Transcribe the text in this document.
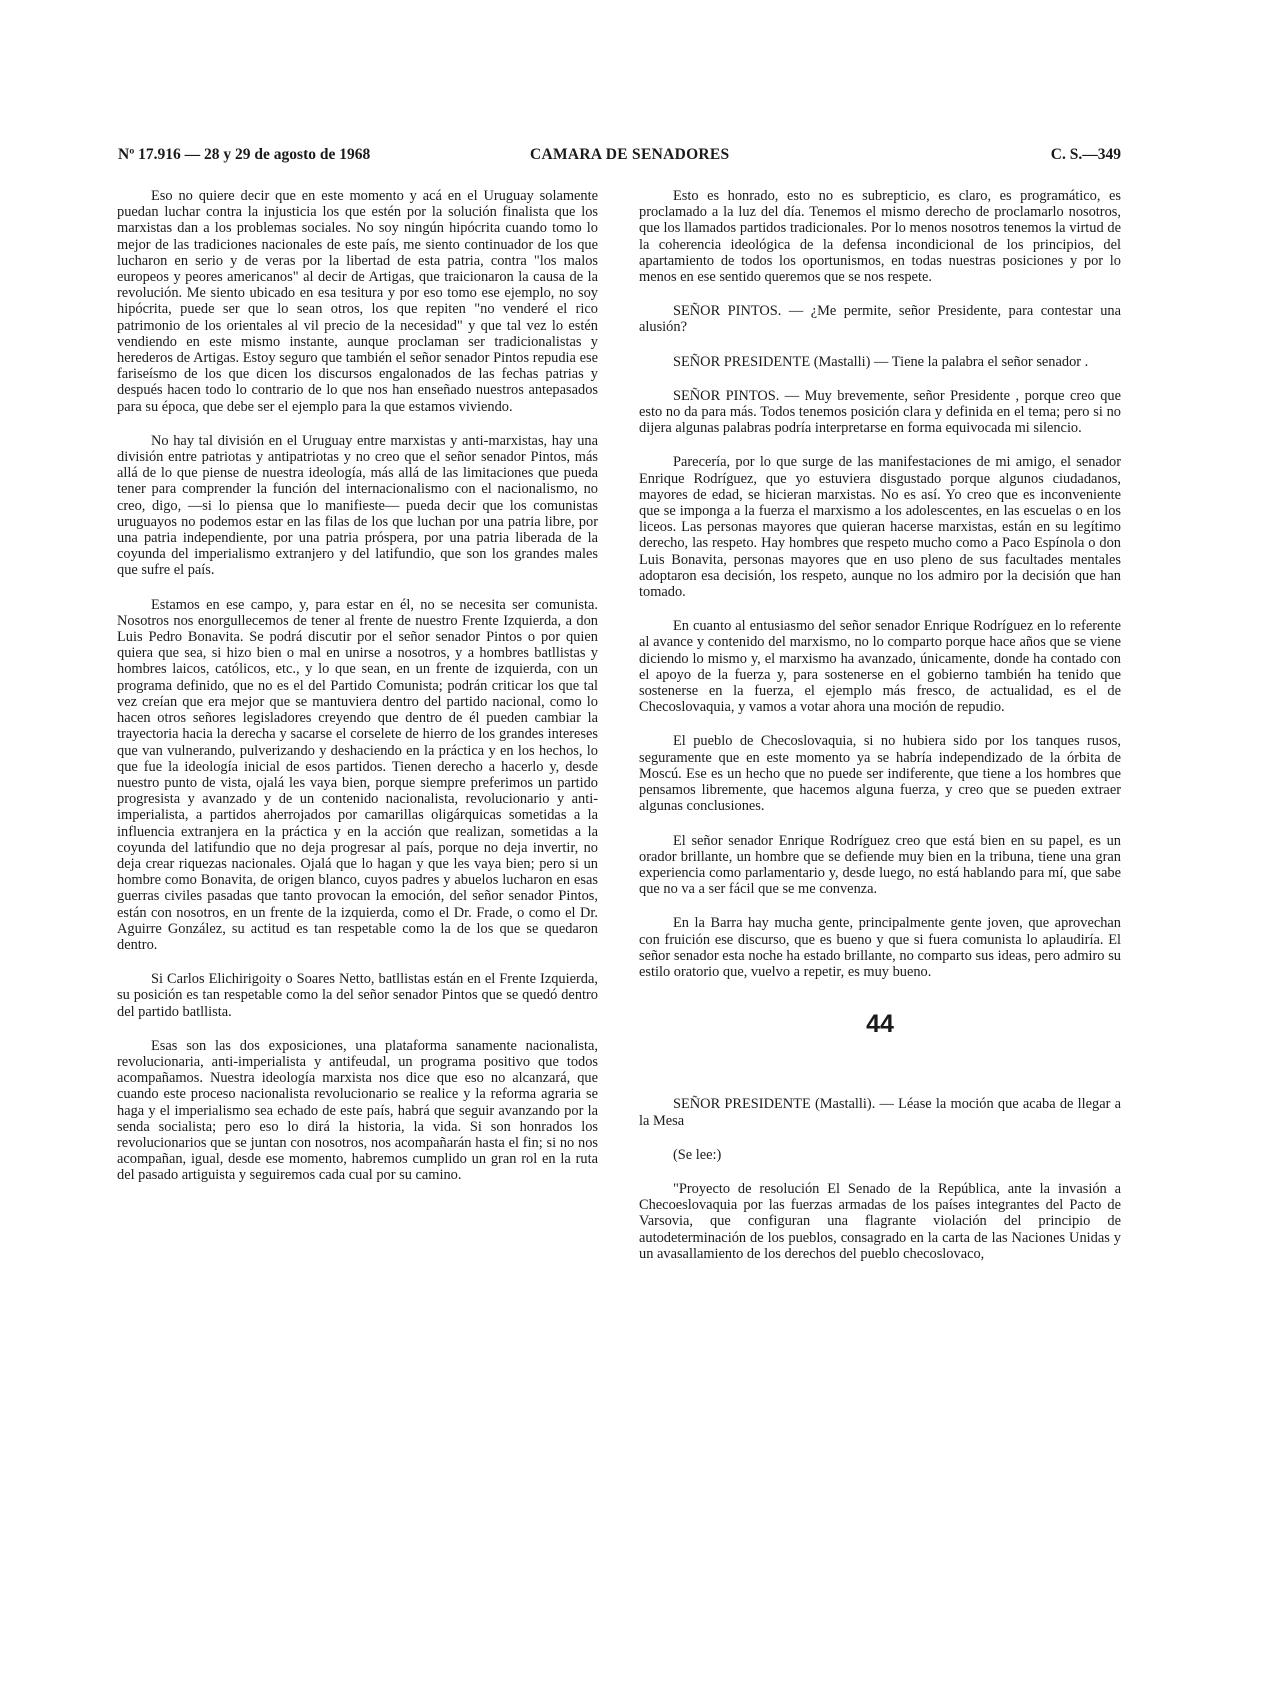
Nº 17.916 — 28 y 29 de agosto de 1968	CAMARA DE SENADORES	C. S.—349

Eso no quiere decir que en este momento y acá en el Uruguay solamente puedan luchar contra la injusticia los que estén por la solución finalista que los marxistas dan a los problemas sociales. No soy ningún hipócrita cuando tomo lo mejor de las tradiciones nacionales de este país, me siento continuador de los que lucharon en serio y de veras por la libertad de esta patria, contra "los malos europeos y peores americanos" al decir de Artigas, que traicionaron la causa de la revolución. Me siento ubicado en esa tesitura y por eso tomo ese ejemplo, no soy hipócrita, puede ser que lo sean otros, los que repiten "no venderé el rico patrimonio de los orientales al vil precio de la necesidad" y que tal vez lo estén vendiendo en este mismo instante, aunque proclaman ser tradicionalistas y herederos de Artigas. Estoy seguro que también el señor senador Pintos repudia ese fariseísmo de los que dicen los discursos engalonados de las fechas patrias y después hacen todo lo contrario de lo que nos han enseñado nuestros antepasados para su época, que debe ser el ejemplo para la que estamos viviendo.

No hay tal división en el Uruguay entre marxistas y anti-marxistas, hay una división entre patriotas y antipatriotas y no creo que el señor senador Pintos, más allá de lo que piense de nuestra ideología, más allá de las limitaciones que pueda tener para comprender la función del internacionalismo con el nacionalismo, no creo, digo, —si lo piensa que lo manifieste— pueda decir que los comunistas uruguayos no podemos estar en las filas de los que luchan por una patria libre, por una patria independiente, por una patria próspera, por una patria liberada de la coyunda del imperialismo extranjero y del latifundio, que son los grandes males que sufre el país.

Estamos en ese campo, y, para estar en él, no se necesita ser comunista. Nosotros nos enorgullecemos de tener al frente de nuestro Frente Izquierda, a don Luis Pedro Bonavita. Se podrá discutir por el señor senador Pintos o por quien quiera que sea, si hizo bien o mal en unirse a nosotros, y a hombres batllistas y hombres laicos, católicos, etc., y lo que sean, en un frente de izquierda, con un programa definido, que no es el del Partido Comunista; podrán criticar los que tal vez creían que era mejor que se mantuviera dentro del partido nacional, como lo hacen otros señores legisladores creyendo que dentro de él pueden cambiar la trayectoria hacia la derecha y sacarse el corselete de hierro de los grandes intereses que van vulnerando, pulverizando y deshaciendo en la práctica y en los hechos, lo que fue la ideología inicial de esos partidos. Tienen derecho a hacerlo y, desde nuestro punto de vista, ojalá les vaya bien, porque siempre preferimos un partido progresista y avanzado y de un contenido nacionalista, revolucionario y anti-imperialista, a partidos aherrojados por camarillas oligárquicas sometidas a la influencia extranjera en la práctica y en la acción que realizan, sometidas a la coyunda del latifundio que no deja progresar al país, porque no deja invertir, no deja crear riquezas nacionales. Ojalá que lo hagan y que les vaya bien; pero si un hombre como Bonavita, de origen blanco, cuyos padres y abuelos lucharon en esas guerras civiles pasadas que tanto provocan la emoción, del señor senador Pintos, están con nosotros, en un frente de la izquierda, como el Dr. Frade, o como el Dr. Aguirre González, su actitud es tan respetable como la de los que se quedaron dentro.

Si Carlos Elichirigoity o Soares Netto, batllistas están en el Frente Izquierda, su posición es tan respetable como la del señor senador Pintos que se quedó dentro del partido batllista.

Esas son las dos exposiciones, una plataforma sanamente nacionalista, revolucionaria, anti-imperialista y antifeudal, un programa positivo que todos acompañamos. Nuestra ideología marxista nos dice que eso no alcanzará, que cuando este proceso nacionalista revolucionario se realice y la reforma agraria se haga y el imperialismo sea echado de este país, habrá que seguir avanzando por la senda socialista; pero eso lo dirá la historia, la vida. Si son honrados los revolucionarios que se juntan con nosotros, nos acompañarán hasta el fin; si no nos acompañan, igual, desde ese momento, habremos cumplido un gran rol en la ruta del pasado artiguista y seguiremos cada cual por su camino.

Esto es honrado, esto no es subrepticio, es claro, es programático, es proclamado a la luz del día. Tenemos el mismo derecho de proclamarlo nosotros, que los llamados partidos tradicionales. Por lo menos nosotros tenemos la virtud de la coherencia ideológica de la defensa incondicional de los principios, del apartamiento de todos los oportunismos, en todas nuestras posiciones y por lo menos en ese sentido queremos que se nos respete.

SEÑOR PINTOS. — ¿Me permite, señor Presidente, para contestar una alusión?

SEÑOR PRESIDENTE (Mastalli) — Tiene la palabra el señor senador .

SEÑOR PINTOS. — Muy brevemente, señor Presidente , porque creo que esto no da para más. Todos tenemos posición clara y definida en el tema; pero si no dijera algunas palabras podría interpretarse en forma equivocada mi silencio.

Parecería, por lo que surge de las manifestaciones de mi amigo, el senador Enrique Rodríguez, que yo estuviera disgustado porque algunos ciudadanos, mayores de edad, se hicieran marxistas. No es así. Yo creo que es inconveniente que se imponga a la fuerza el marxismo a los adolescentes, en las escuelas o en los liceos. Las personas mayores que quieran hacerse marxistas, están en su legítimo derecho, las respeto. Hay hombres que respeto mucho como a Paco Espínola o don Luis Bonavita, personas mayores que en uso pleno de sus facultades mentales adoptaron esa decisión, los respeto, aunque no los admiro por la decisión que han tomado.

En cuanto al entusiasmo del señor senador Enrique Rodríguez en lo referente al avance y contenido del marxismo, no lo comparto porque hace años que se viene diciendo lo mismo y, el marxismo ha avanzado, únicamente, donde ha contado con el apoyo de la fuerza y, para sostenerse en el gobierno también ha tenido que sostenerse en la fuerza, el ejemplo más fresco, de actualidad, es el de Checoslovaquia, y vamos a votar ahora una moción de repudio.

El pueblo de Checoslovaquia, si no hubiera sido por los tanques rusos, seguramente que en este momento ya se habría independizado de la órbita de Moscú. Ese es un hecho que no puede ser indiferente, que tiene a los hombres que pensamos libremente, que hacemos alguna fuerza, y creo que se pueden extraer algunas conclusiones.

El señor senador Enrique Rodríguez creo que está bien en su papel, es un orador brillante, un hombre que se defiende muy bien en la tribuna, tiene una gran experiencia como parlamentario y, desde luego, no está hablando para mí, que sabe que no va a ser fácil que se me convenza.

En la Barra hay mucha gente, principalmente gente joven, que aprovechan con fruición ese discurso, que es bueno y que si fuera comunista lo aplaudiría. El señor senador esta noche ha estado brillante, no comparto sus ideas, pero admiro su estilo oratorio que, vuelvo a repetir, es muy bueno.

44

SEÑOR PRESIDENTE (Mastalli). — Léase la moción que acaba de llegar a la Mesa

(Se lee:)

"Proyecto de resolución El Senado de la República, ante la invasión a Checoeslovaquia por las fuerzas armadas de los países integrantes del Pacto de Varsovia, que configuran una flagrante violación del principio de autodeterminación de los pueblos, consagrado en la carta de las Naciones Unidas y un avasallamiento de los derechos del pueblo checoslovaco,
